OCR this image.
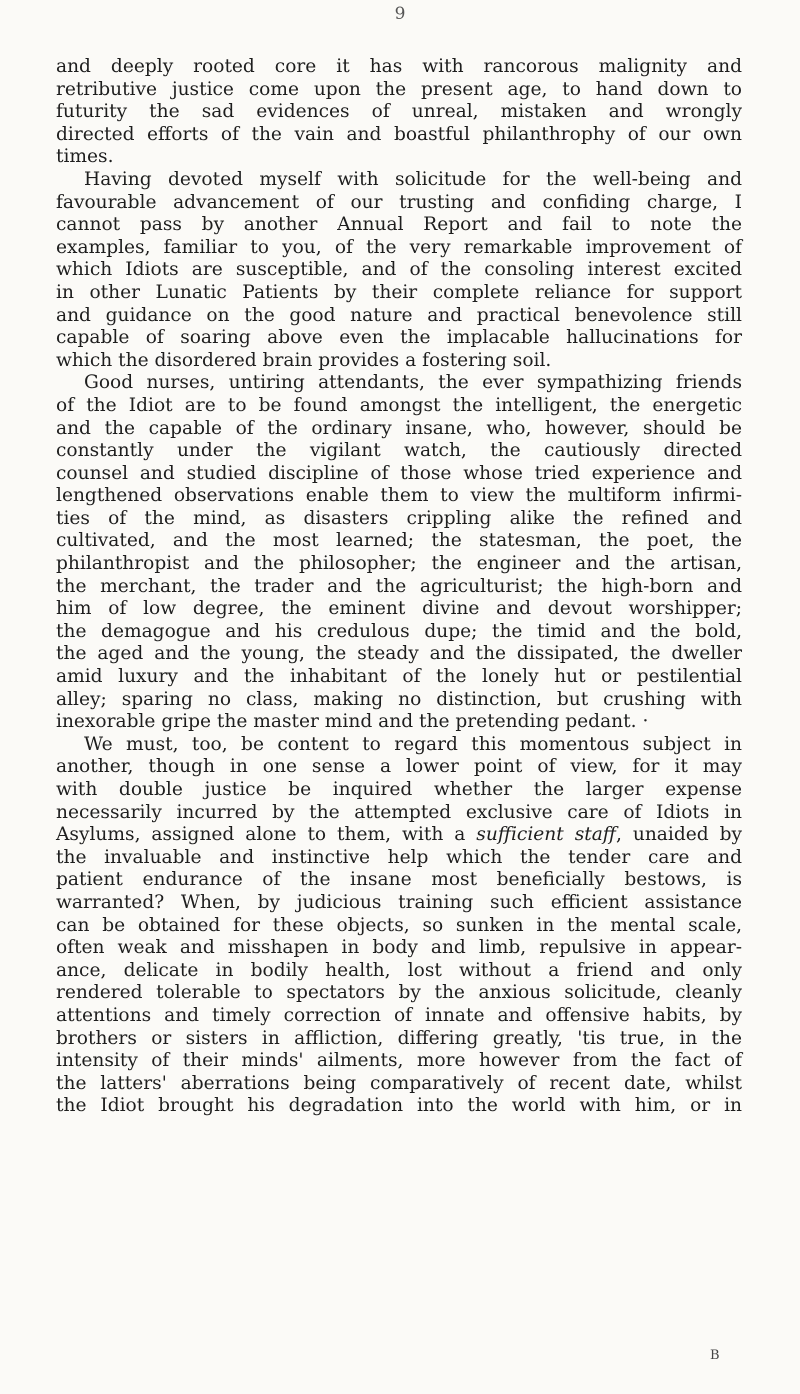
9
and deeply rooted core it has with rancorous malignity and
retributive justice come upon the present age, to hand down to
futurity the sad evidences of unreal, mistaken and wrongly
directed efforts of the vain and boastful philanthrophy of our own
times.
Having devoted myself with solicitude for the well-being and
favourable advancement of our trusting and confiding charge, I
cannot pass by another Annual Report and fail to note the
examples, familiar to you, of the very remarkable improvement of
which Idiots are susceptible, and of the consoling interest excited
in other Lunatic Patients by their complete reliance for support
and guidance on the good nature and practical benevolence still
capable of soaring above even the implacable hallucinations for
which the disordered brain provides a fostering soil.
Good nurses, untiring attendants, the ever sympathizing friends
of the Idiot are to be found amongst the intelligent, the energetic
and the capable of the ordinary insane, who, however, should be
constantly under the vigilant watch, the cautiously directed
counsel and studied discipline of those whose tried experience and
lengthened observations enable them to view the multiform infirmi-
ties of the mind, as disasters crippling alike the refined and
cultivated, and the most learned; the statesman, the poet, the
philanthropist and the philosopher; the engineer and the artisan,
the merchant, the trader and the agriculturist; the high-born and
him of low degree, the eminent divine and devout worshipper;
the demagogue and his credulous dupe; the timid and the bold,
the aged and the young, the steady and the dissipated, the dweller
amid luxury and the inhabitant of the lonely hut or pestilential
alley; sparing no class, making no distinction, but crushing with
inexorable gripe the master mind and the pretending pedant. ·
We must, too, be content to regard this momentous subject in
another, though in one sense a lower point of view, for it may
with double justice be inquired whether the larger expense
necessarily incurred by the attempted exclusive care of Idiots in
Asylums, assigned alone to them, with a sufficient staff, unaided by
the invaluable and instinctive help which the tender care and
patient endurance of the insane most beneficially bestows, is
warranted? When, by judicious training such efficient assistance
can be obtained for these objects, so sunken in the mental scale,
often weak and misshapen in body and limb, repulsive in appear-
ance, delicate in bodily health, lost without a friend and only
rendered tolerable to spectators by the anxious solicitude, cleanly
attentions and timely correction of innate and offensive habits, by
brothers or sisters in affliction, differing greatly, 'tis true, in the
intensity of their minds' ailments, more however from the fact of
the latters' aberrations being comparatively of recent date, whilst
the Idiot brought his degradation into the world with him, or in
B
